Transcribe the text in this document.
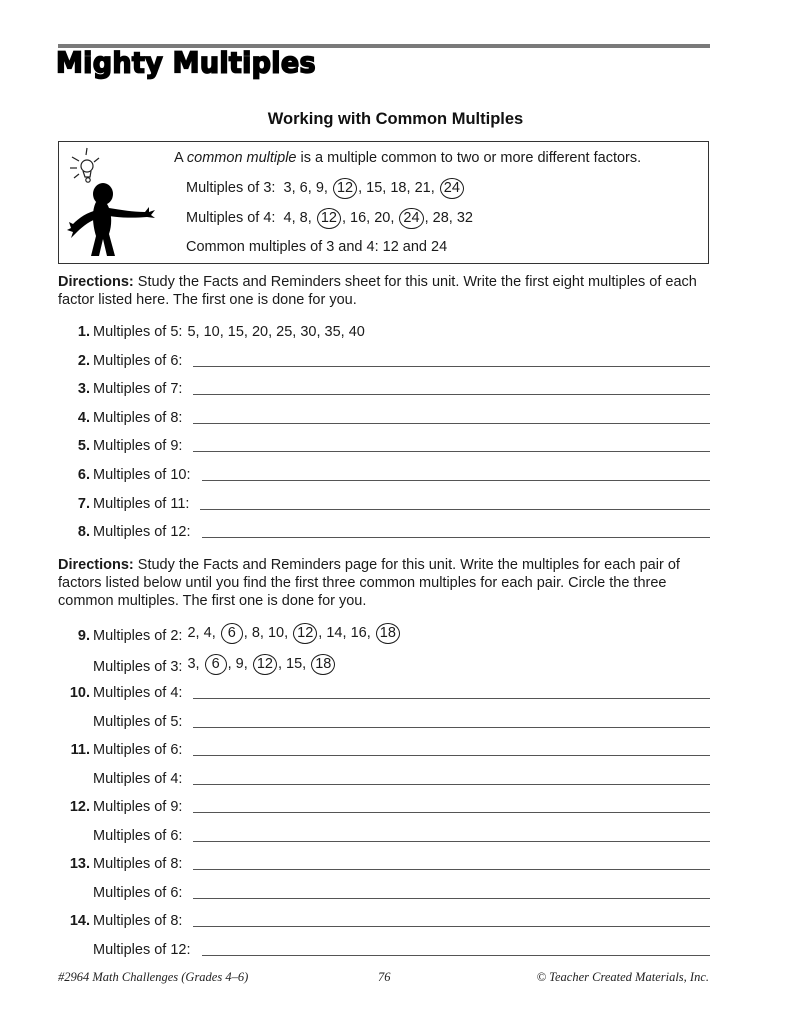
Mighty Multiples
Working with Common Multiples
A common multiple is a multiple common to two or more different factors.
Multiples of 3: 3, 6, 9, 12 , 15, 18, 21, 24
Multiples of 4: 4, 8, 12 , 16, 20, 24 , 28, 32
Common multiples of 3 and 4: 12 and 24
Directions: Study the Facts and Reminders sheet for this unit. Write the first eight multiples of each factor listed here. The first one is done for you.
1. Multiples of 5: 5, 10, 15, 20, 25, 30, 35, 40
2. Multiples of 6:
3. Multiples of 7:
4. Multiples of 8:
5. Multiples of 9:
6. Multiples of 10:
7. Multiples of 11:
8. Multiples of 12:
Directions: Study the Facts and Reminders page for this unit. Write the multiples for each pair of factors listed below until you find the first three common multiples for each pair. Circle the three common multiples. The first one is done for you.
9. Multiples of 2: 2, 4, 6 , 8, 10, 12 , 14, 16, 18
Multiples of 3: 3, 6 , 9, 12 , 15, 18
10. Multiples of 4:
Multiples of 5:
11. Multiples of 6:
Multiples of 4:
12. Multiples of 9:
Multiples of 6:
13. Multiples of 8:
Multiples of 6:
14. Multiples of 8:
Multiples of 12:
#2964 Math Challenges (Grades 4–6)	76	© Teacher Created Materials, Inc.
